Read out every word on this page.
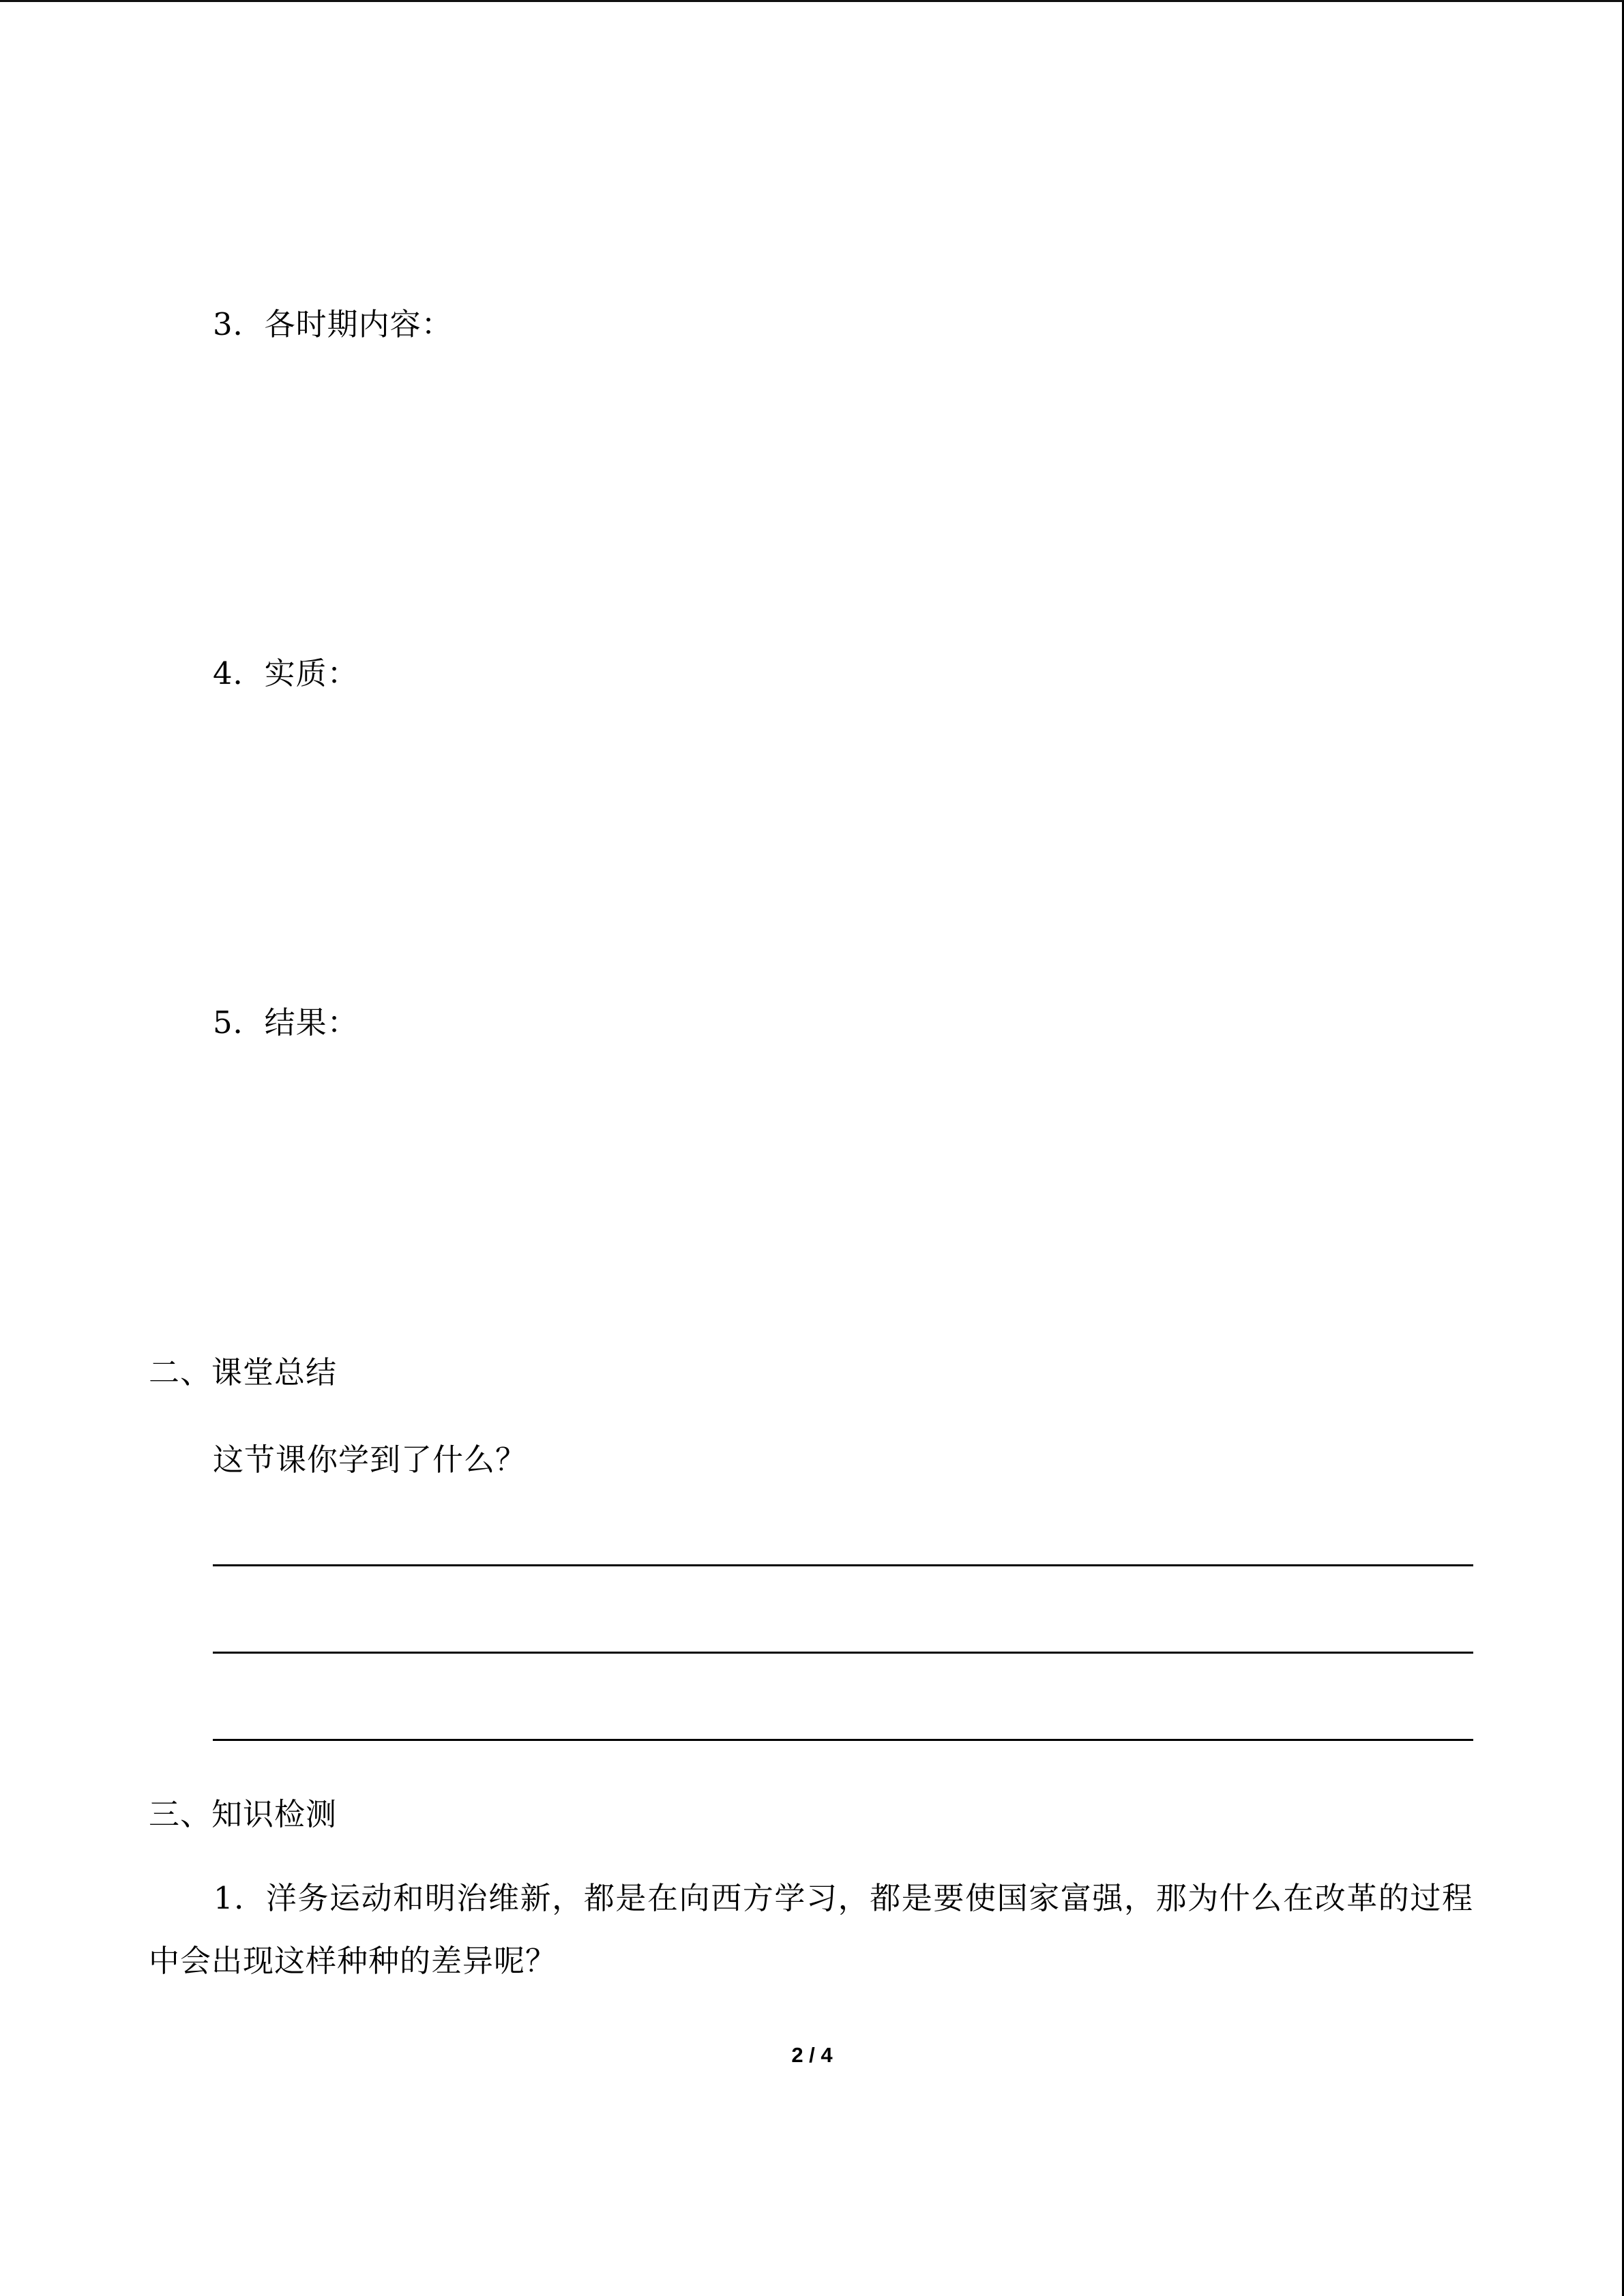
3．各时期内容：
4．实质：
5．结果：
二、课堂总结
这节课你学到了什么？
三、知识检测
1．洋务运动和明治维新，都是在向西方学习，都是要使国家富强，那为什么在改革的过程中会出现这样种种的差异呢？
2 / 4
